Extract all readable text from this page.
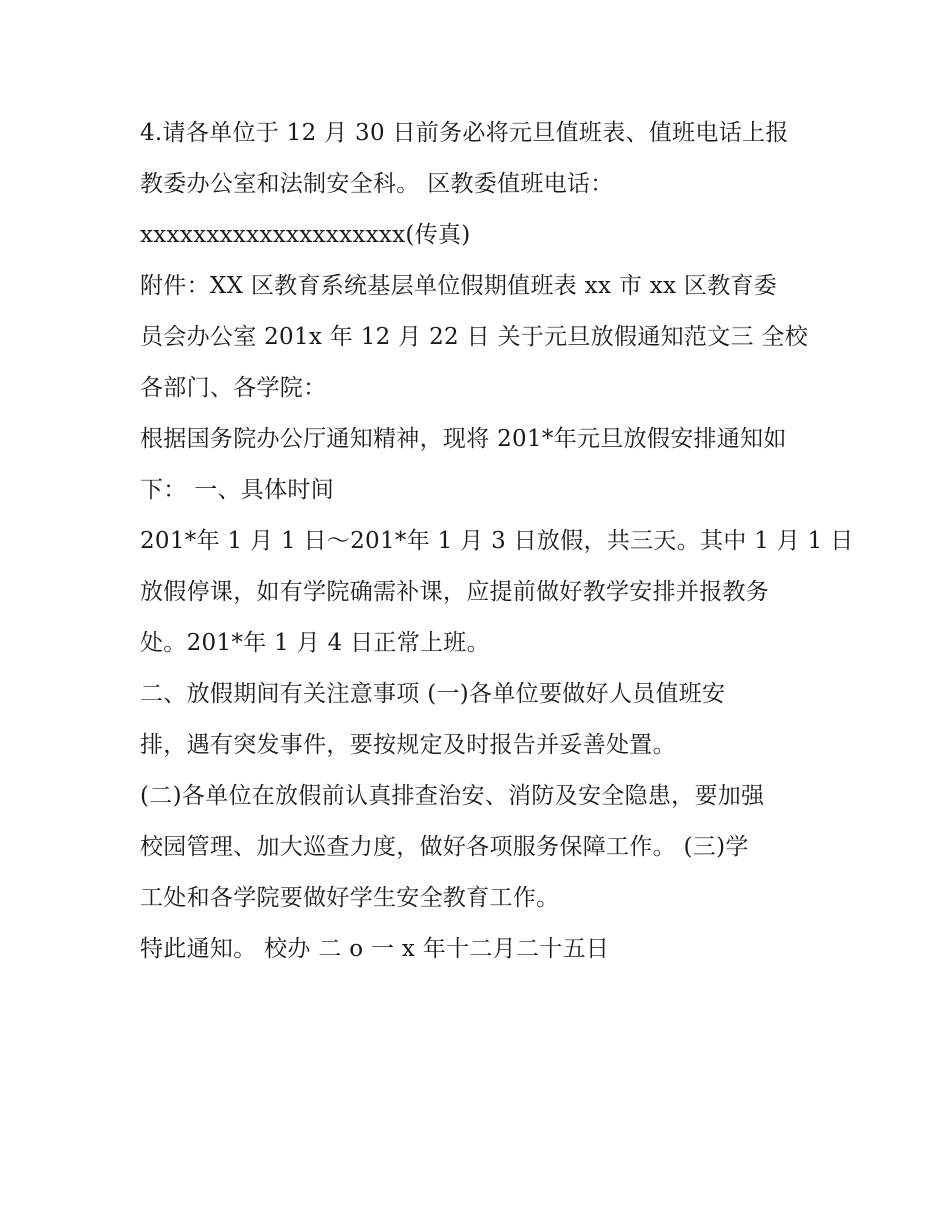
4.请各单位于 12 月 30 日前务必将元旦值班表、值班电话上报
教委办公室和法制安全科。 区教委值班电话：
xxxxxxxxxxxxxxxxxxxx(传真)
附件：XX 区教育系统基层单位假期值班表 xx 市 xx 区教育委
员会办公室 201x 年 12 月 22 日 关于元旦放假通知范文三 全校
各部门、各学院：
根据国务院办公厅通知精神，现将 201*年元旦放假安排通知如
下： 一、具体时间
201*年 1 月 1 日～201*年 1 月 3 日放假，共三天。其中 1 月 1 日
放假停课，如有学院确需补课，应提前做好教学安排并报教务
处。201*年 1 月 4 日正常上班。
二、放假期间有关注意事项 (一)各单位要做好人员值班安
排，遇有突发事件，要按规定及时报告并妥善处置。
(二)各单位在放假前认真排查治安、消防及安全隐患，要加强
校园管理、加大巡查力度，做好各项服务保障工作。 (三)学
工处和各学院要做好学生安全教育工作。
特此通知。 校办 二 o 一 x 年十二月二十五日
